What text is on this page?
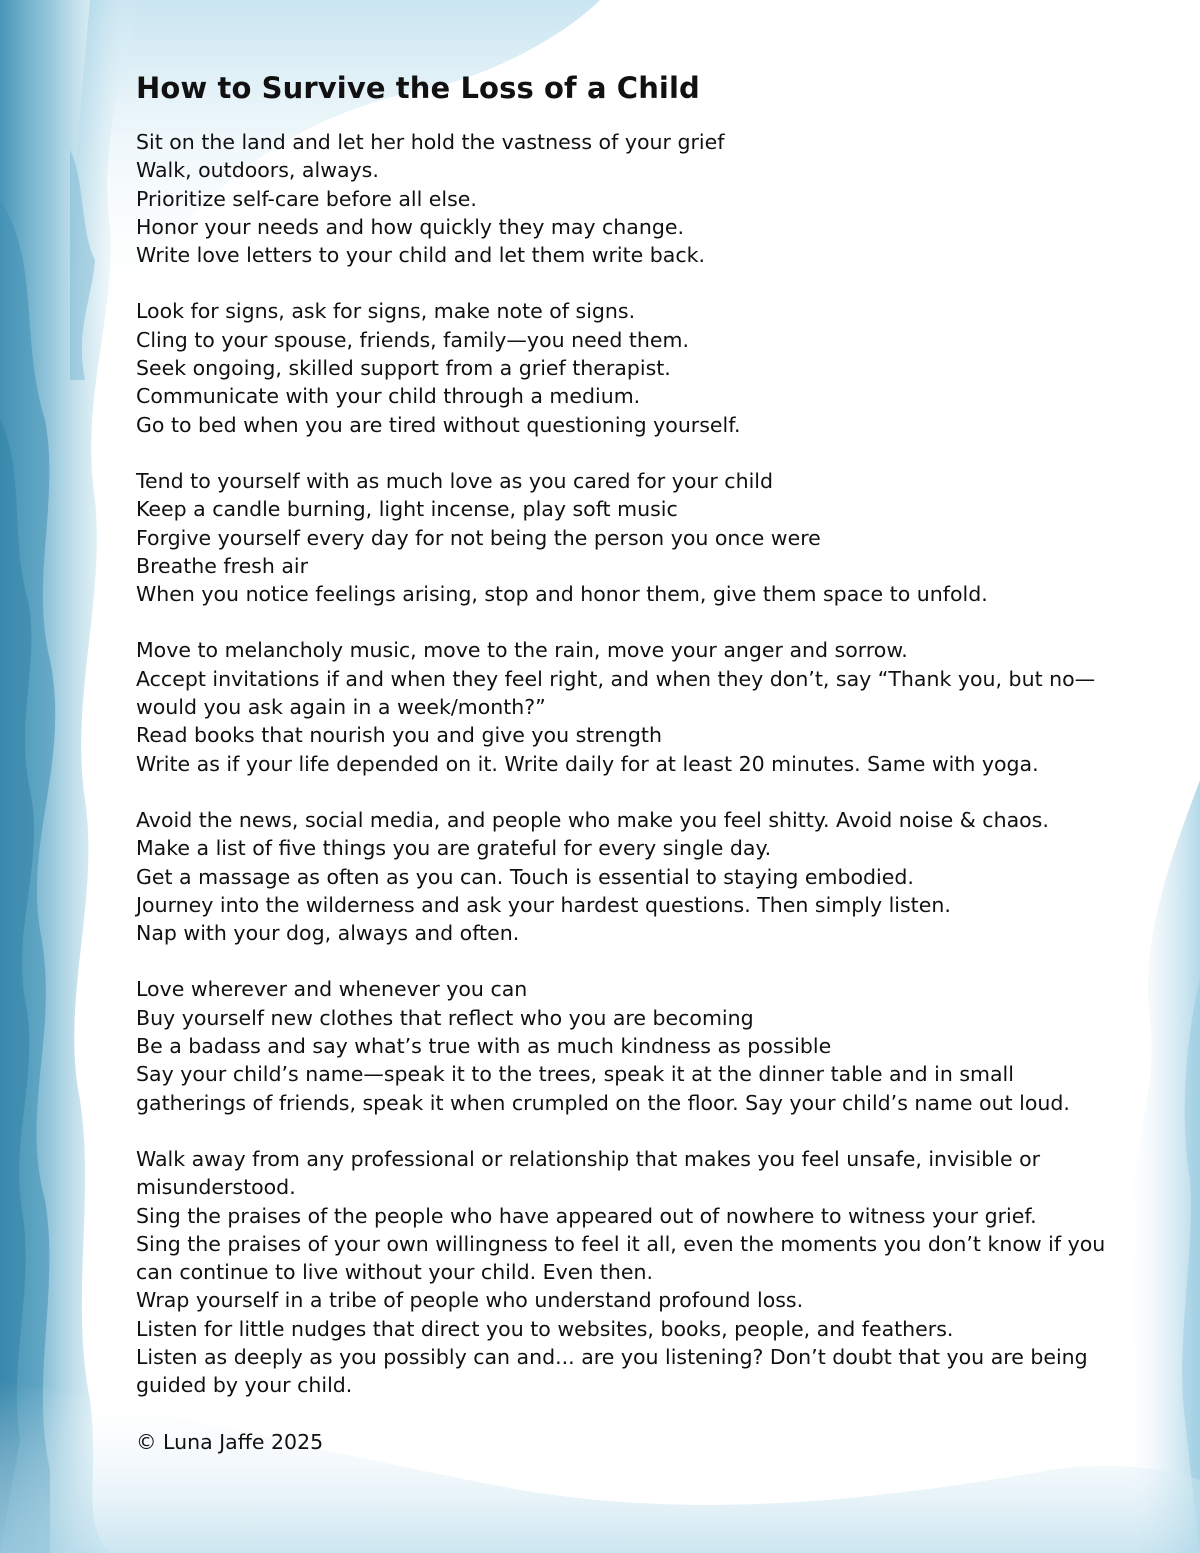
How to Survive the Loss of a Child
Sit on the land and let her hold the vastness of your grief
Walk, outdoors, always.
Prioritize self-care before all else.
Honor your needs and how quickly they may change.
Write love letters to your child and let them write back.
Look for signs, ask for signs, make note of signs.
Cling to your spouse, friends, family—you need them.
Seek ongoing, skilled support from a grief therapist.
Communicate with your child through a medium.
Go to bed when you are tired without questioning yourself.
Tend to yourself with as much love as you cared for your child
Keep a candle burning, light incense, play soft music
Forgive yourself every day for not being the person you once were
Breathe fresh air
When you notice feelings arising, stop and honor them, give them space to unfold.
Move to melancholy music, move to the rain, move your anger and sorrow.
Accept invitations if and when they feel right, and when they don’t, say “Thank you, but no—would you ask again in a week/month?”
Read books that nourish you and give you strength
Write as if your life depended on it. Write daily for at least 20 minutes. Same with yoga.
Avoid the news, social media, and people who make you feel shitty. Avoid noise & chaos.
Make a list of five things you are grateful for every single day.
Get a massage as often as you can. Touch is essential to staying embodied.
Journey into the wilderness and ask your hardest questions. Then simply listen.
Nap with your dog, always and often.
Love wherever and whenever you can
Buy yourself new clothes that reflect who you are becoming
Be a badass and say what’s true with as much kindness as possible
Say your child’s name—speak it to the trees, speak it at the dinner table and in small gatherings of friends, speak it when crumpled on the floor. Say your child’s name out loud.
Walk away from any professional or relationship that makes you feel unsafe, invisible or misunderstood.
Sing the praises of the people who have appeared out of nowhere to witness your grief.
Sing the praises of your own willingness to feel it all, even the moments you don’t know if you can continue to live without your child. Even then.
Wrap yourself in a tribe of people who understand profound loss.
Listen for little nudges that direct you to websites, books, people, and feathers.
Listen as deeply as you possibly can and... are you listening? Don’t doubt that you are being guided by your child.
© Luna Jaffe 2025
